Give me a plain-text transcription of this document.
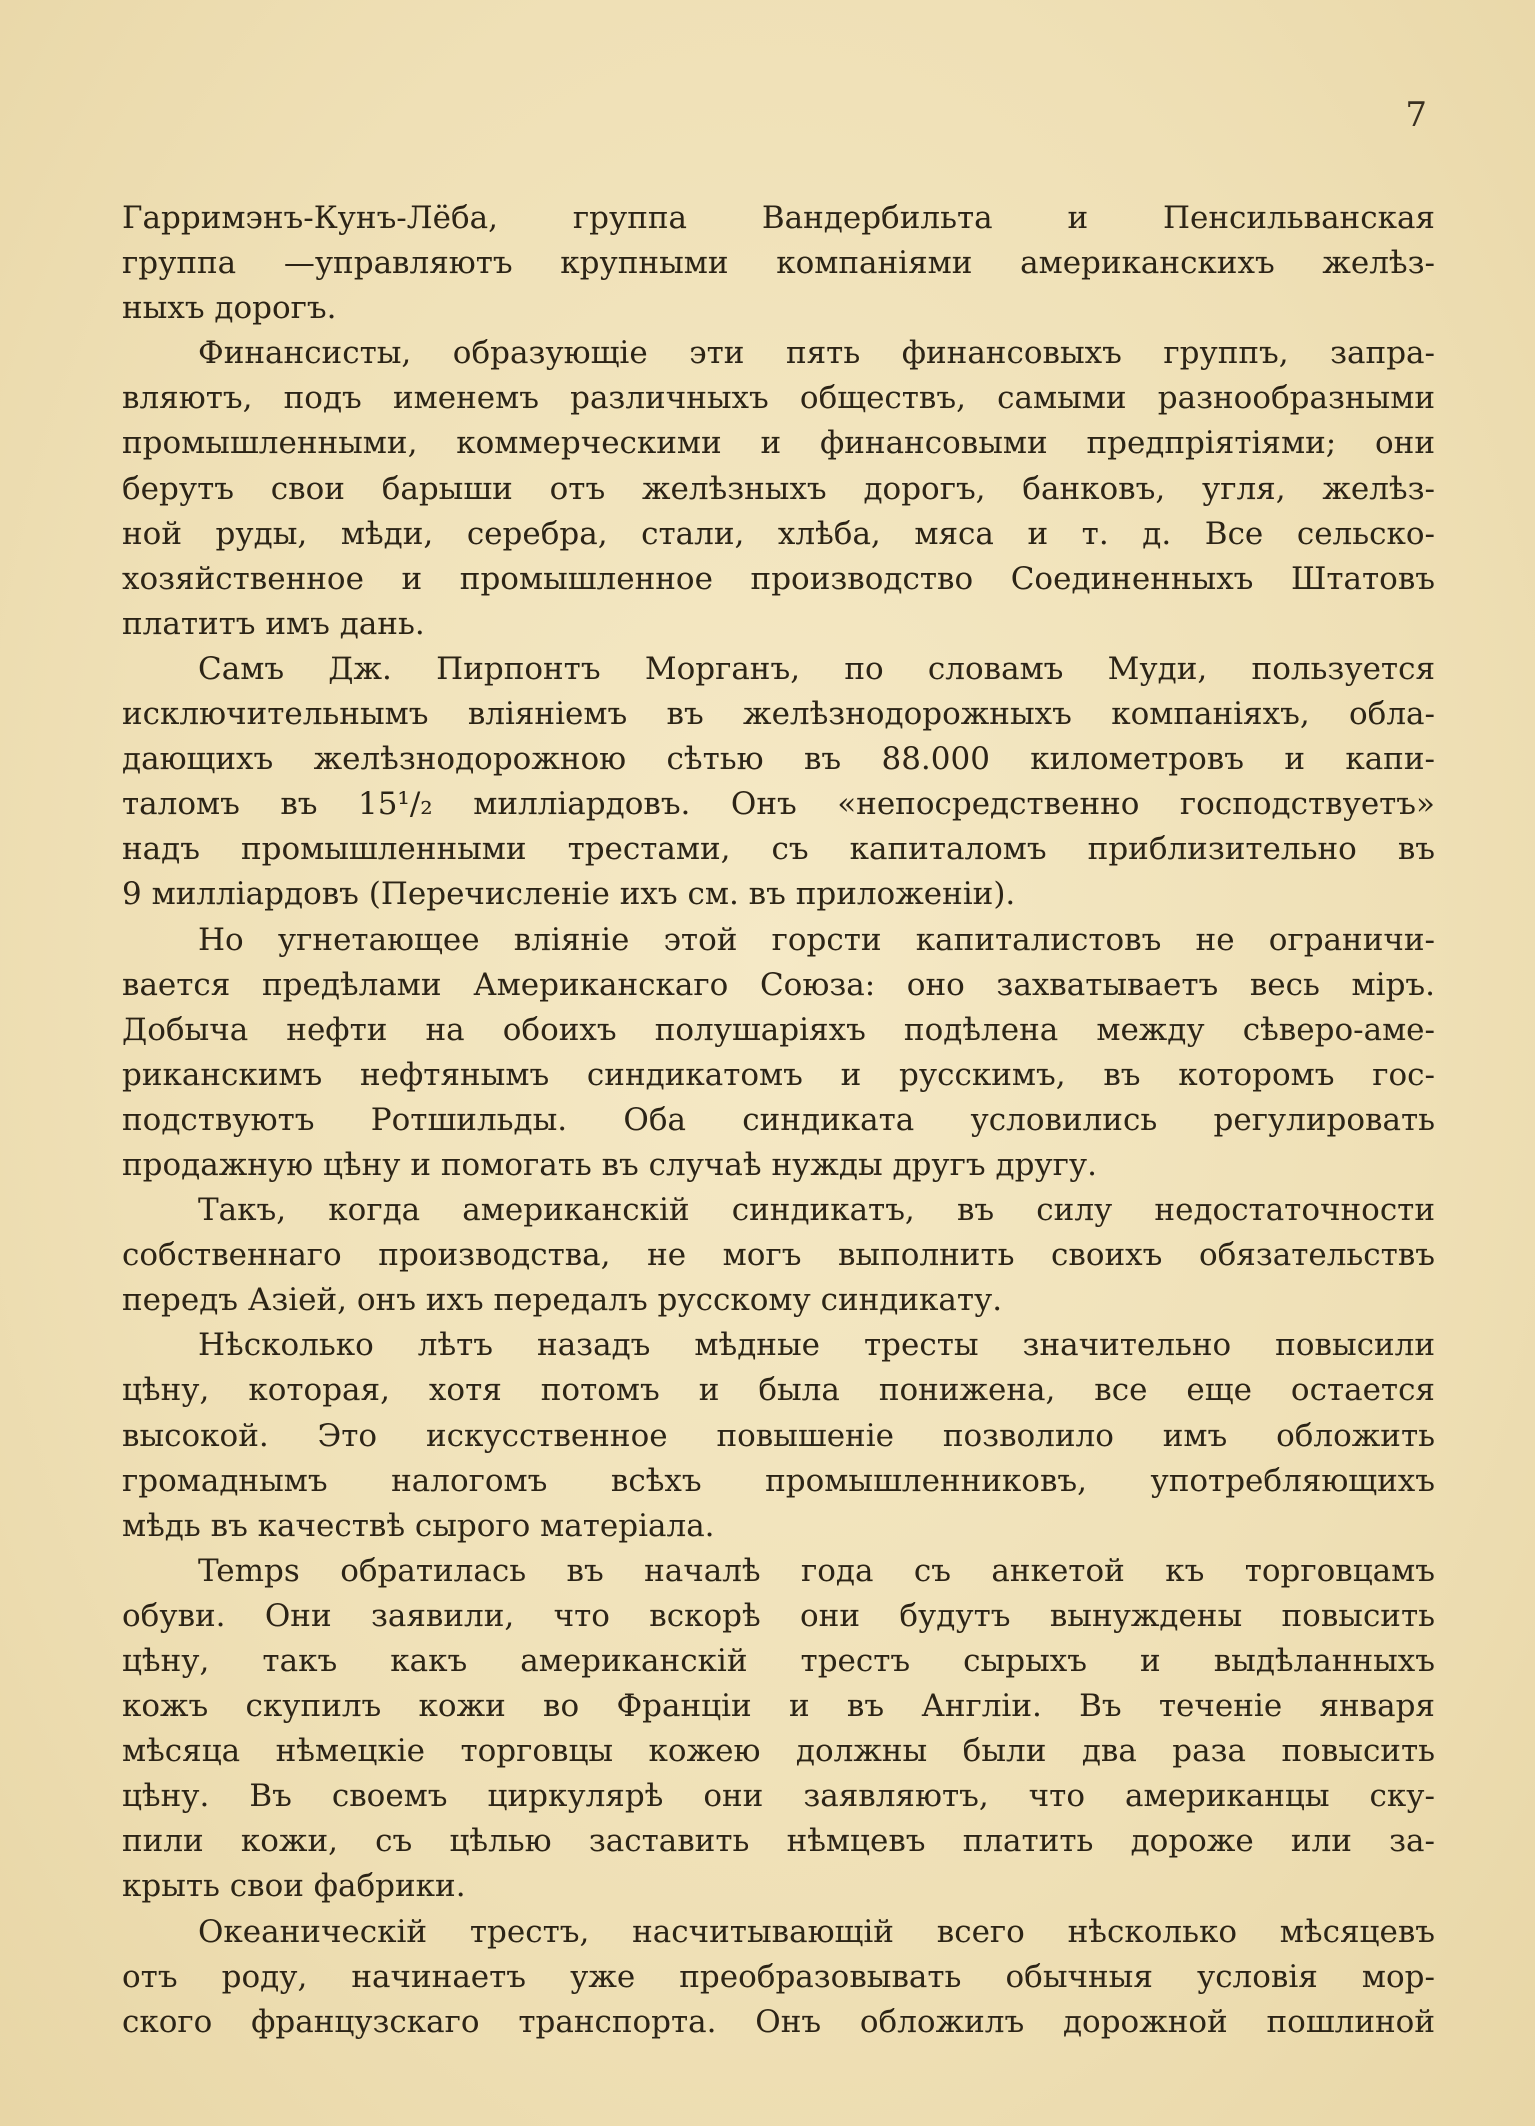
7
Гарримэнъ-Кунъ-Лёба, группа Вандербильта и Пенсильванская
группа —управляютъ крупными компаніями американскихъ желѣз-
ныхъ дорогъ.
Финансисты, образующіе эти пять финансовыхъ группъ, запра-
вляютъ, подъ именемъ различныхъ обществъ, самыми разнообразными
промышленными, коммерческими и финансовыми предпріятіями; они
берутъ свои барыши отъ желѣзныхъ дорогъ, банковъ, угля, желѣз-
ной руды, мѣди, серебра, стали, хлѣба, мяса и т. д. Все сельско-
хозяйственное и промышленное производство Соединенныхъ Штатовъ
платитъ имъ дань.
Самъ Дж. Пирпонтъ Морганъ, по словамъ Муди, пользуется
исключительнымъ вліяніемъ въ желѣзнодорожныхъ компаніяхъ, обла-
дающихъ желѣзнодорожною сѣтью въ 88.000 километровъ и капи-
таломъ въ 15¹/₂ милліардовъ. Онъ «непосредственно господствуетъ»
надъ промышленными трестами, съ капиталомъ приблизительно въ
9 милліардовъ (Перечисленіе ихъ см. въ приложеніи).
Но угнетающее вліяніе этой горсти капиталистовъ не ограничи-
вается предѣлами Американскаго Союза: оно захватываетъ весь міръ.
Добыча нефти на обоихъ полушаріяхъ подѣлена между сѣверо-аме-
риканскимъ нефтянымъ синдикатомъ и русскимъ, въ которомъ гос-
подствуютъ Ротшильды. Оба синдиката условились регулировать
продажную цѣну и помогать въ случаѣ нужды другъ другу.
Такъ, когда американскій синдикатъ, въ силу недостаточности
собственнаго производства, не могъ выполнить своихъ обязательствъ
передъ Азіей, онъ ихъ передалъ русскому синдикату.
Нѣсколько лѣтъ назадъ мѣдные тресты значительно повысили
цѣну, которая, хотя потомъ и была понижена, все еще остается
высокой. Это искусственное повышеніе позволило имъ обложить
громаднымъ налогомъ всѣхъ промышленниковъ, употребляющихъ
мѣдь въ качествѣ сырого матеріала.
Temps обратилась въ началѣ года съ анкетой къ торговцамъ
обуви. Они заявили, что вскорѣ они будутъ вынуждены повысить
цѣну, такъ какъ американскій трестъ сырыхъ и выдѣланныхъ
кожъ скупилъ кожи во Франціи и въ Англіи. Въ теченіе января
мѣсяца нѣмецкіе торговцы кожею должны были два раза повысить
цѣну. Въ своемъ циркулярѣ они заявляютъ, что американцы ску-
пили кожи, съ цѣлью заставить нѣмцевъ платить дороже или за-
крыть свои фабрики.
Океаническій трестъ, насчитывающій всего нѣсколько мѣсяцевъ
отъ роду, начинаетъ уже преобразовывать обычныя условія мор-
ского французскаго транспорта. Онъ обложилъ дорожной пошлиной
